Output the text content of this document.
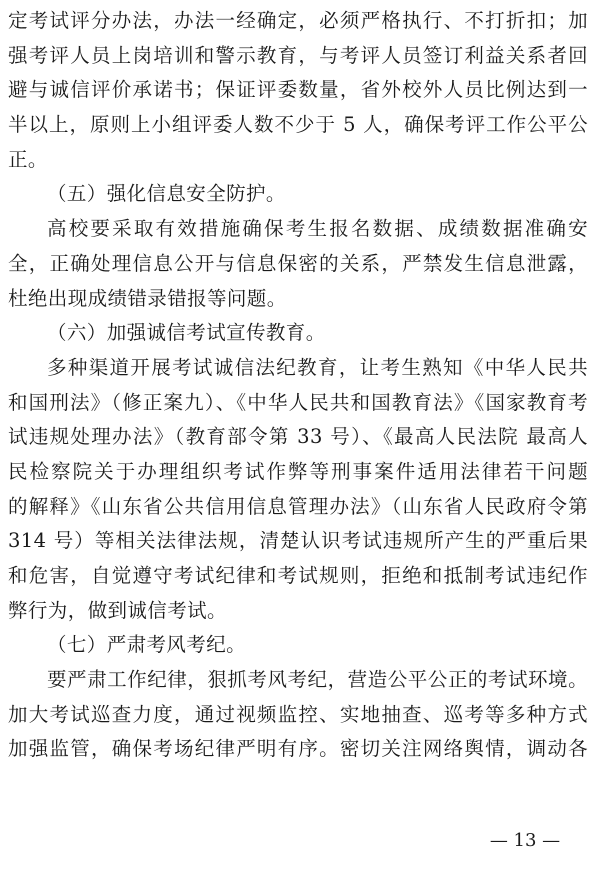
定考试评分办法，办法一经确定，必须严格执行、不打折扣；加
强考评人员上岗培训和警示教育，与考评人员签订利益关系者回
避与诚信评价承诺书；保证评委数量，省外校外人员比例达到一
半以上，原则上小组评委人数不少于 5 人，确保考评工作公平公
正。
（五）强化信息安全防护。
高校要采取有效措施确保考生报名数据、成绩数据准确安
全，正确处理信息公开与信息保密的关系，严禁发生信息泄露，
杜绝出现成绩错录错报等问题。
（六）加强诚信考试宣传教育。
多种渠道开展考试诚信法纪教育，让考生熟知《中华人民共
和国刑法》（修正案九）、《中华人民共和国教育法》《国家教育考
试违规处理办法》（教育部令第 33 号）、《最高人民法院 最高人
民检察院关于办理组织考试作弊等刑事案件适用法律若干问题
的解释》《山东省公共信用信息管理办法》（山东省人民政府令第
314 号）等相关法律法规，清楚认识考试违规所产生的严重后果
和危害，自觉遵守考试纪律和考试规则，拒绝和抵制考试违纪作
弊行为，做到诚信考试。
（七）严肃考风考纪。
要严肃工作纪律，狠抓考风考纪，营造公平公正的考试环境。
加大考试巡查力度，通过视频监控、实地抽查、巡考等多种方式
加强监管，确保考场纪律严明有序。密切关注网络舆情，调动各
— 13 —
